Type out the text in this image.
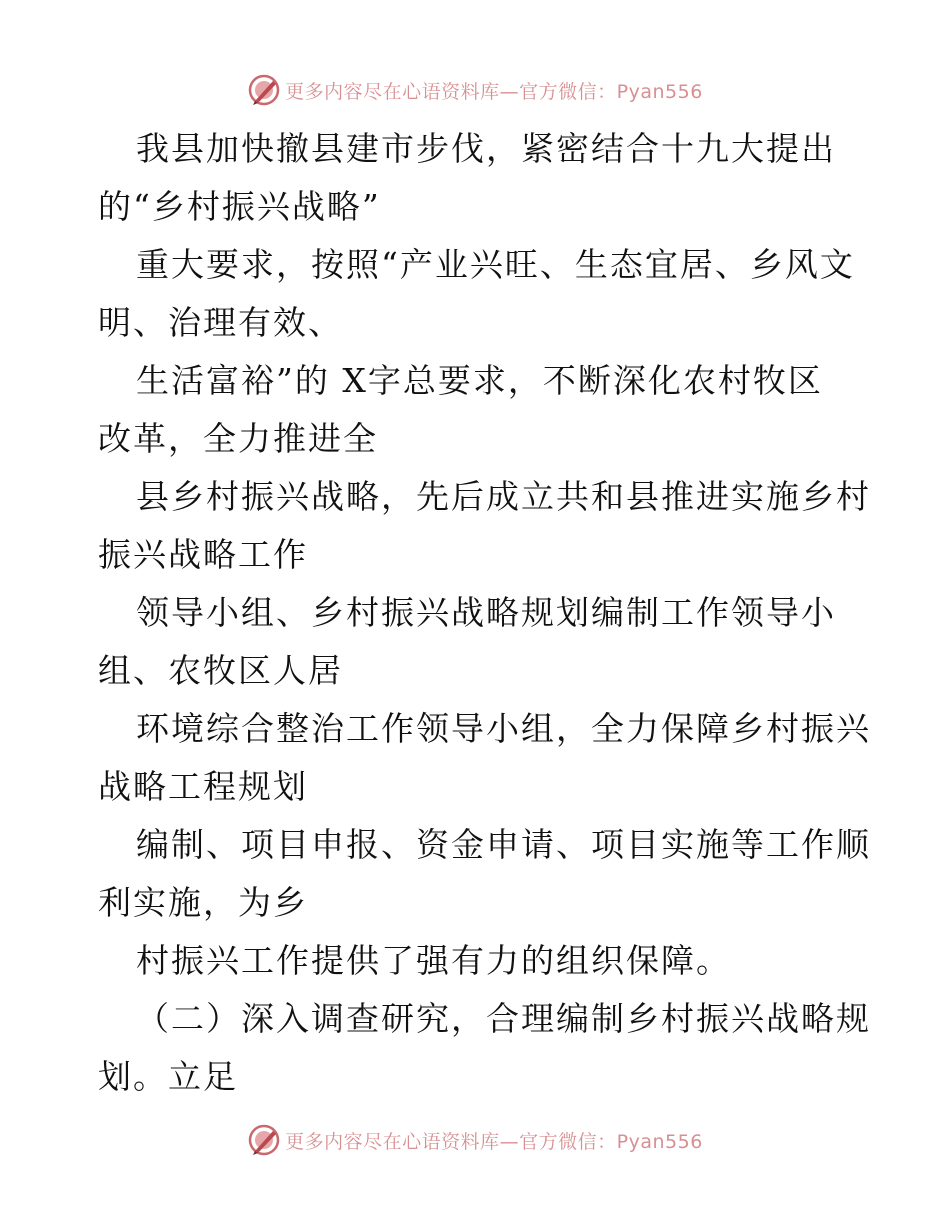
更多内容尽在心语资料库—官方微信：Pyan556
我县加快撤县建市步伐，紧密结合十九大提出
的“乡村振兴战略”
重大要求，按照“产业兴旺、生态宜居、乡风文
明、治理有效、
生活富裕”的 X字总要求，不断深化农村牧区
改革，全力推进全
县乡村振兴战略，先后成立共和县推进实施乡村
振兴战略工作
领导小组、乡村振兴战略规划编制工作领导小
组、农牧区人居
环境综合整治工作领导小组，全力保障乡村振兴
战略工程规划
编制、项目申报、资金申请、项目实施等工作顺
利实施，为乡
村振兴工作提供了强有力的组织保障。
（二）深入调查研究，合理编制乡村振兴战略规
划。立足
更多内容尽在心语资料库—官方微信：Pyan556
